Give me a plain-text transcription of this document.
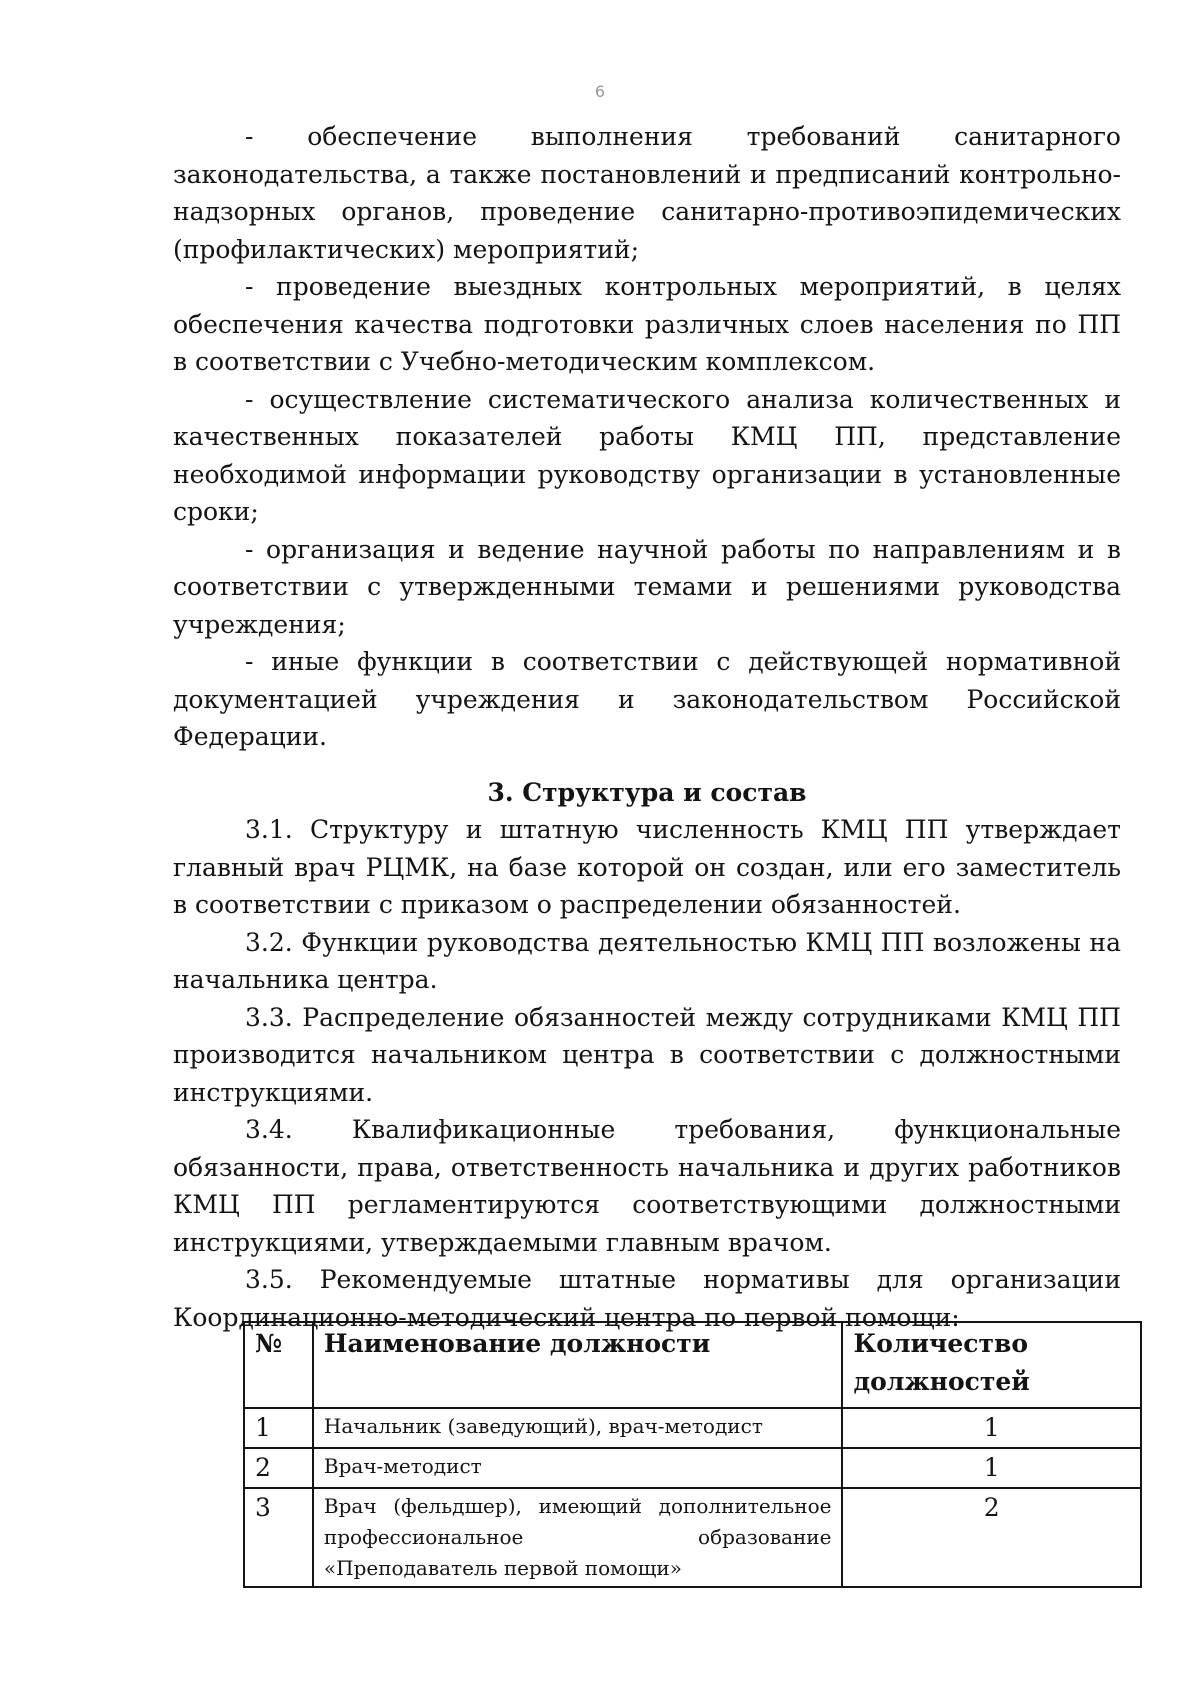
6

- обеспечение выполнения требований санитарного законодательства, а также постановлений и предписаний контрольно-надзорных органов, проведение санитарно-противоэпидемических (профилактических) мероприятий;

- проведение выездных контрольных мероприятий, в целях обеспечения качества подготовки различных слоев населения по ПП в соответствии с Учебно-методическим комплексом.

- осуществление систематического анализа количественных и качественных показателей работы КМЦ ПП, представление необходимой информации руководству организации в установленные сроки;

- организация и ведение научной работы по направлениям и в соответствии с утвержденными темами и решениями руководства учреждения;

- иные функции в соответствии с действующей нормативной документацией учреждения и законодательством Российской Федерации.

3. Структура и состав

3.1. Структуру и штатную численность КМЦ ПП утверждает главный врач РЦМК, на базе которой он создан, или его заместитель в соответствии с приказом о распределении обязанностей.

3.2. Функции руководства деятельностью КМЦ ПП возложены на начальника центра.

3.3. Распределение обязанностей между сотрудниками КМЦ ПП производится начальником центра в соответствии с должностными инструкциями.

3.4. Квалификационные требования, функциональные обязанности, права, ответственность начальника и других работников КМЦ ПП регламентируются соответствующими должностными инструкциями, утверждаемыми главным врачом.

3.5. Рекомендуемые штатные нормативы для организации Координационно-методический центра по первой помощи:

№	Наименование должности	Количество должностей
1	Начальник (заведующий), врач-методист	1
2	Врач-методист	1
3	Врач (фельдшер), имеющий дополнительное профессиональное образование «Преподаватель первой помощи»	2
